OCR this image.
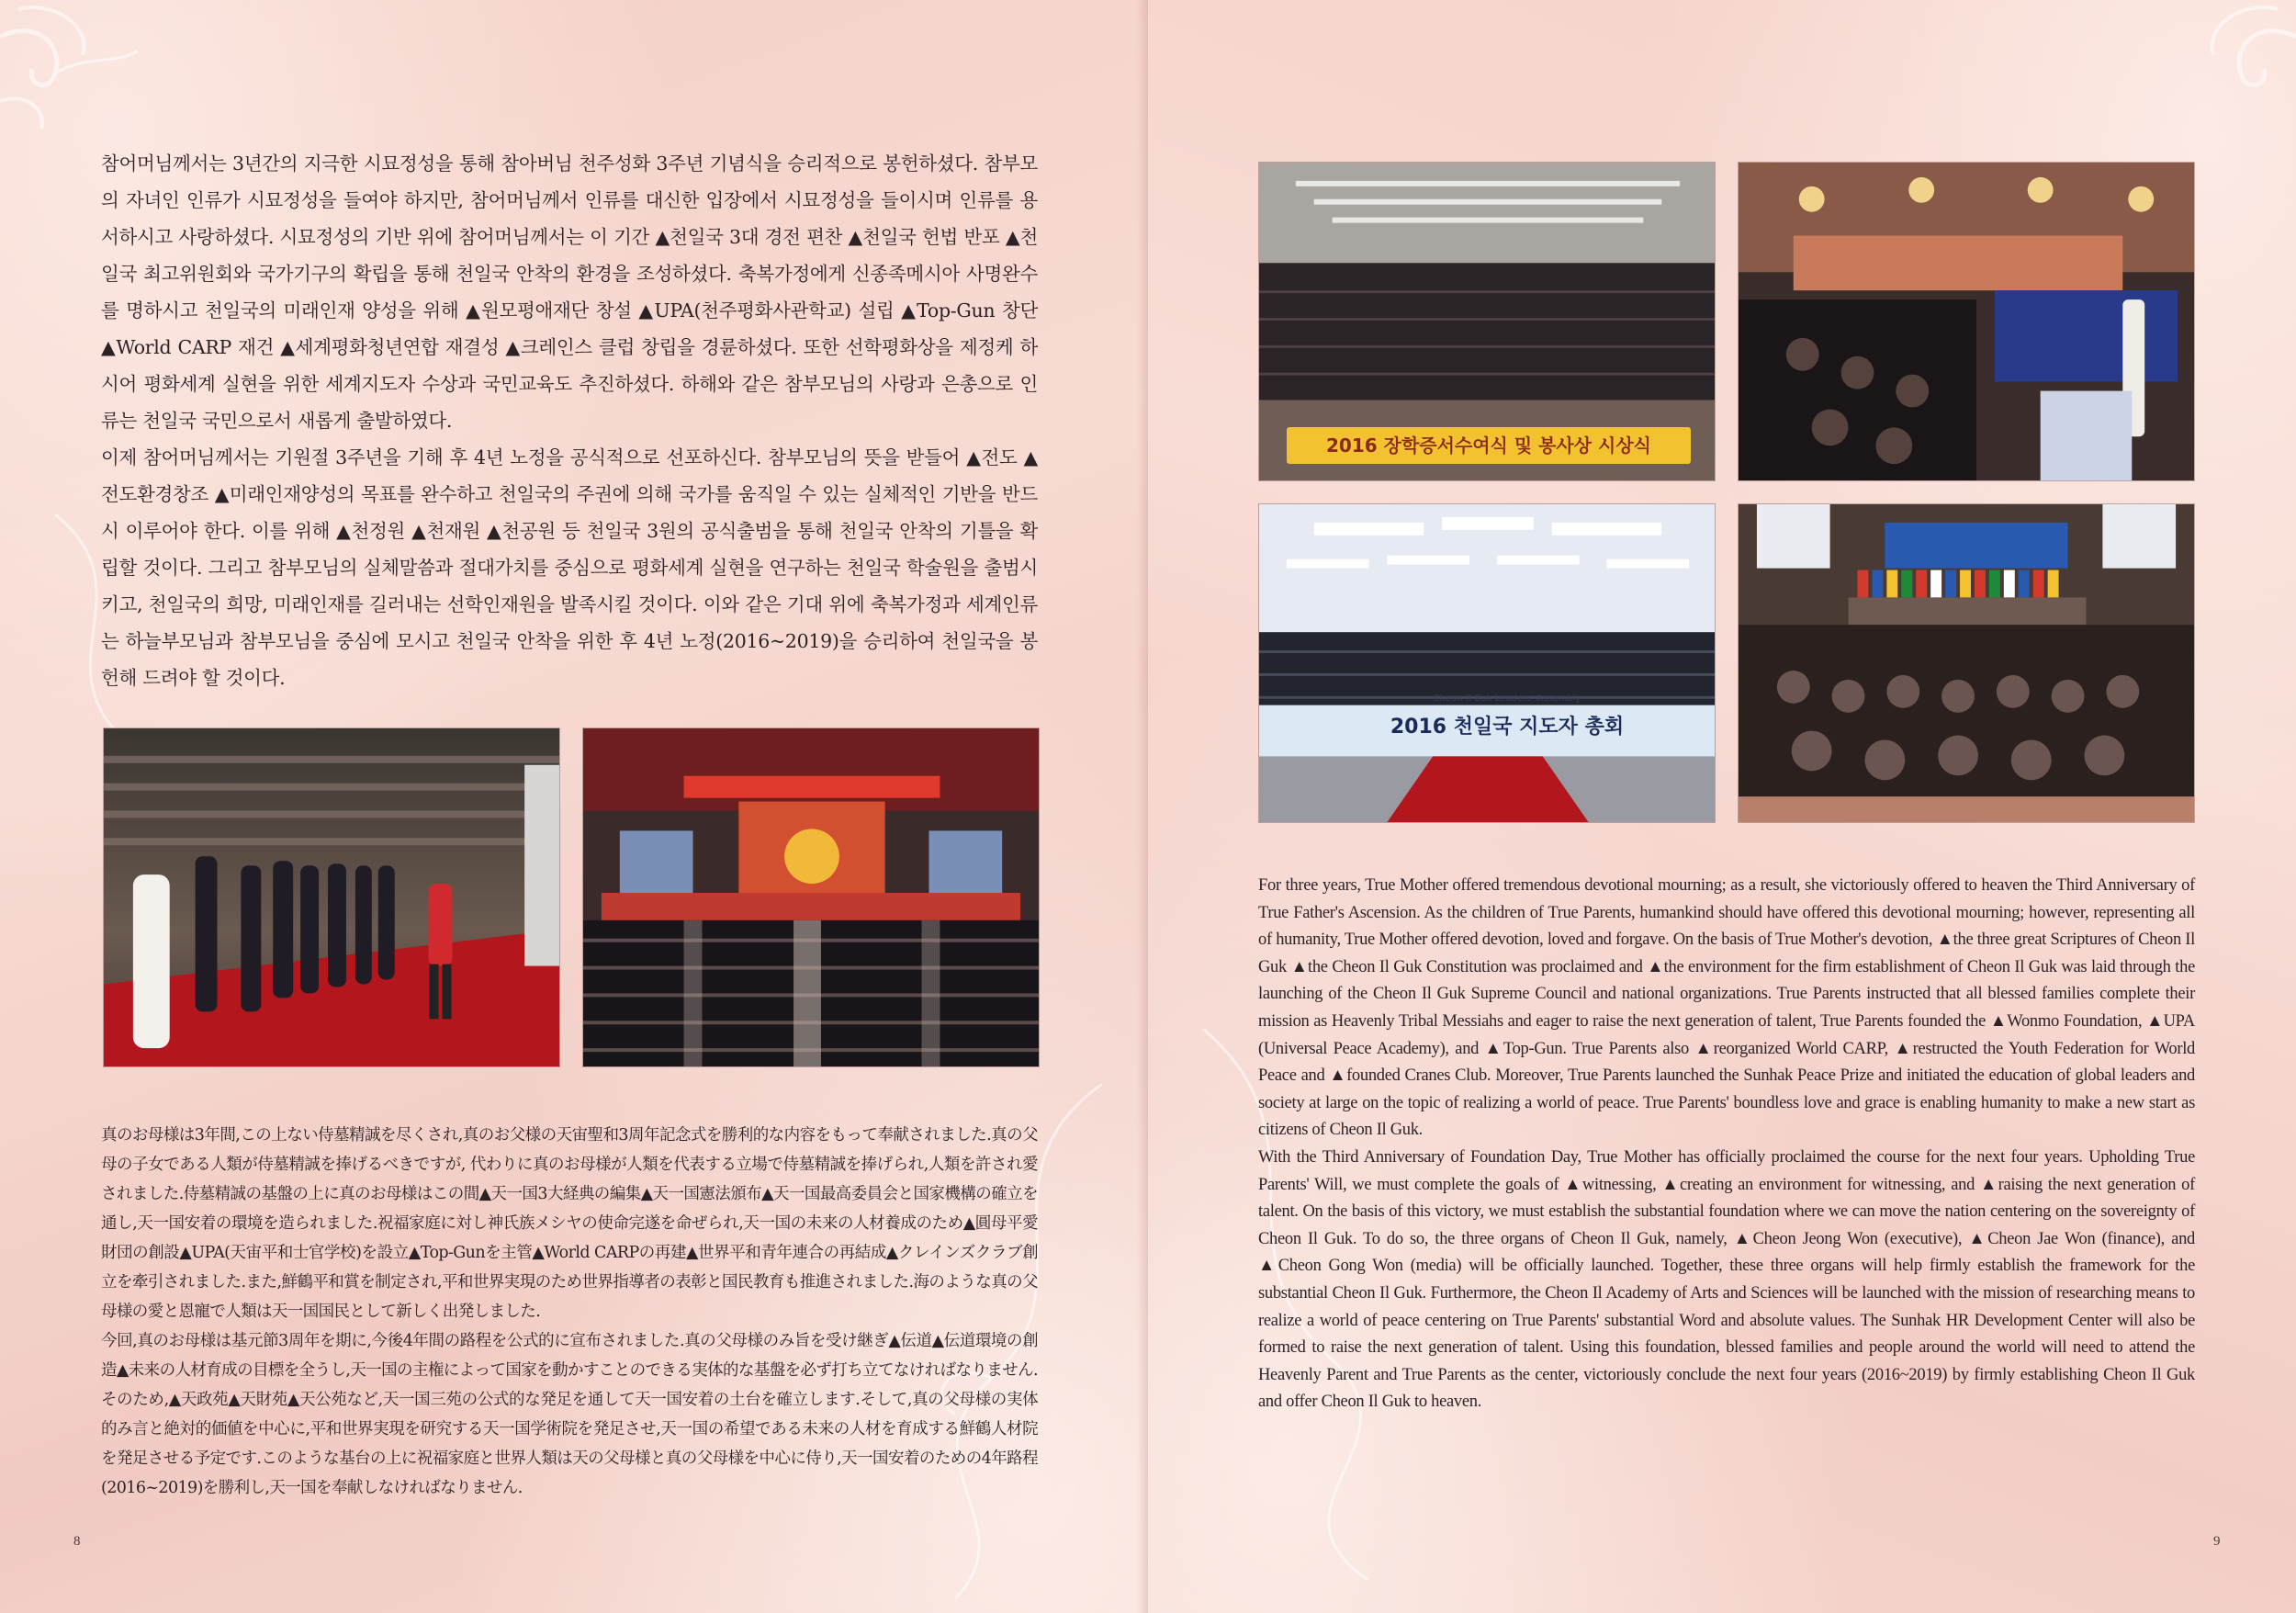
참어머님께서는 3년간의 지극한 시묘정성을 통해 참아버님 천주성화 3주년 기념식을 승리적으로 봉헌하셨다. 참부모의 자녀인 인류가 시묘정성을 들여야 하지만, 참어머님께서 인류를 대신한 입장에서 시묘정성을 들이시며 인류를 용서하시고 사랑하셨다. 시묘정성의 기반 위에 참어머님께서는 이 기간 ▲천일국 3대 경전 편찬 ▲천일국 헌법 반포 ▲천일국 최고위원회와 국가기구의 확립을 통해 천일국 안착의 환경을 조성하셨다. 축복가정에게 신종족메시아 사명완수를 명하시고 천일국의 미래인재 양성을 위해 ▲원모평애재단 창설 ▲UPA(천주평화사관학교) 설립 ▲Top-Gun 창단 ▲World CARP 재건 ▲세계평화청년연합 재결성 ▲크레인스 클럽 창립을 경륜하셨다. 또한 선학평화상을 제정케 하시어 평화세계 실현을 위한 세계지도자 수상과 국민교육도 추진하셨다. 하해와 같은 참부모님의 사랑과 은총으로 인류는 천일국 국민으로서 새롭게 출발하였다.

이제 참어머님께서는 기원절 3주년을 기해 후 4년 노정을 공식적으로 선포하신다. 참부모님의 뜻을 받들어 ▲전도 ▲전도환경창조 ▲미래인재양성의 목표를 완수하고 천일국의 주권에 의해 국가를 움직일 수 있는 실체적인 기반을 반드시 이루어야 한다. 이를 위해 ▲천정원 ▲천재원 ▲천공원 등 천일국 3원의 공식출범을 통해 천일국 안착의 기틀을 확립할 것이다. 그리고 참부모님의 실체말씀과 절대가치를 중심으로 평화세계 실현을 연구하는 천일국 학술원을 출범시키고, 천일국의 희망, 미래인재를 길러내는 선학인재원을 발족시킬 것이다. 이와 같은 기대 위에 축복가정과 세계인류는 하늘부모님과 참부모님을 중심에 모시고 천일국 안착을 위한 후 4년 노정(2016~2019)을 승리하여 천일국을 봉헌해 드려야 할 것이다.

真のお母様は3年間,この上ない侍墓精誠を尽くされ,真のお父様の天宙聖和3周年記念式を勝利的な内容をもって奉献されました.真の父母の子女である人類が侍墓精誠を捧げるべきですが, 代わりに真のお母様が人類を代表する立場で侍墓精誠を捧げられ,人類を許され愛されました.侍墓精誠の基盤の上に真のお母様はこの間▲天一国3大経典の編集▲天一国憲法頒布▲天一国最高委員会と国家機構の確立を通し,天一国安着の環境を造られました.祝福家庭に対し神氏族メシヤの使命完遂を命ぜられ,天一国の未来の人材養成のため▲圓母平愛財団の創設▲UPA(天宙平和士官学校)を設立▲Top-Gunを主管▲World CARPの再建▲世界平和青年連合の再結成▲クレインズクラブ創立を牽引されました.また,鮮鶴平和賞を制定され,平和世界実現のため世界指導者の表彰と国民教育も推進されました.海のような真の父母様の愛と恩寵で人類は天一国国民として新しく出発しました.

今回,真のお母様は基元節3周年を期に,今後4年間の路程を公式的に宣布されました.真の父母様のみ旨を受け継ぎ▲伝道▲伝道環境の創造▲未来の人材育成の目標を全うし,天一国の主権によって国家を動かすことのできる実体的な基盤を必ず打ち立てなければなりません.そのため,▲天政苑▲天財苑▲天公苑など,天一国三苑の公式的な発足を通して天一国安着の土台を確立します.そして,真の父母様の実体的み言と絶対的価値を中心に,平和世界実現を研究する天一国学術院を発足させ,天一国の希望である未来の人材を育成する鮮鶴人材院を発足させる予定です.このような基台の上に祝福家庭と世界人類は天の父母様と真の父母様を中心に侍り,天一国安着のための4年路程(2016~2019)を勝利し,天一国を奉献しなければなりません.

8
2016 장학증서수여식 및 봉사상 시상식
Cheon Il Guk Leaders' Assembly
2016 천일국 지도자 총회

For three years, True Mother offered tremendous devotional mourning; as a result, she victoriously offered to heaven the Third Anniversary of True Father's Ascension. As the children of True Parents, humankind should have offered this devotional mourning; however, representing all of humanity, True Mother offered devotion, loved and forgave. On the basis of True Mother's devotion, ▲the three great Scriptures of Cheon Il Guk ▲the Cheon Il Guk Constitution was proclaimed and ▲the environment for the firm establishment of Cheon Il Guk was laid through the launching of the Cheon Il Guk Supreme Council and national organizations. True Parents instructed that all blessed families complete their mission as Heavenly Tribal Messiahs and eager to raise the next generation of talent, True Parents founded the ▲Wonmo Foundation, ▲UPA (Universal Peace Academy), and ▲Top-Gun. True Parents also ▲reorganized World CARP, ▲restructed the Youth Federation for World Peace and ▲founded Cranes Club. Moreover, True Parents launched the Sunhak Peace Prize and initiated the education of global leaders and society at large on the topic of realizing a world of peace. True Parents' boundless love and grace is enabling humanity to make a new start as citizens of Cheon Il Guk.

With the Third Anniversary of Foundation Day, True Mother has officially proclaimed the course for the next four years. Upholding True Parents' Will, we must complete the goals of ▲witnessing, ▲creating an environment for witnessing, and ▲raising the next generation of talent. On the basis of this victory, we must establish the substantial foundation where we can move the nation centering on the sovereignty of Cheon Il Guk. To do so, the three organs of Cheon Il Guk, namely, ▲Cheon Jeong Won (executive), ▲Cheon Jae Won (finance), and ▲Cheon Gong Won (media) will be officially launched. Together, these three organs will help firmly establish the framework for the substantial Cheon Il Guk. Furthermore, the Cheon Il Academy of Arts and Sciences will be launched with the mission of researching means to realize a world of peace centering on True Parents' substantial Word and absolute values. The Sunhak HR Development Center will also be formed to raise the next generation of talent. Using this foundation, blessed families and people around the world will need to attend the Heavenly Parent and True Parents as the center, victoriously conclude the next four years (2016~2019) by firmly establishing Cheon Il Guk and offer Cheon Il Guk to heaven.

9
